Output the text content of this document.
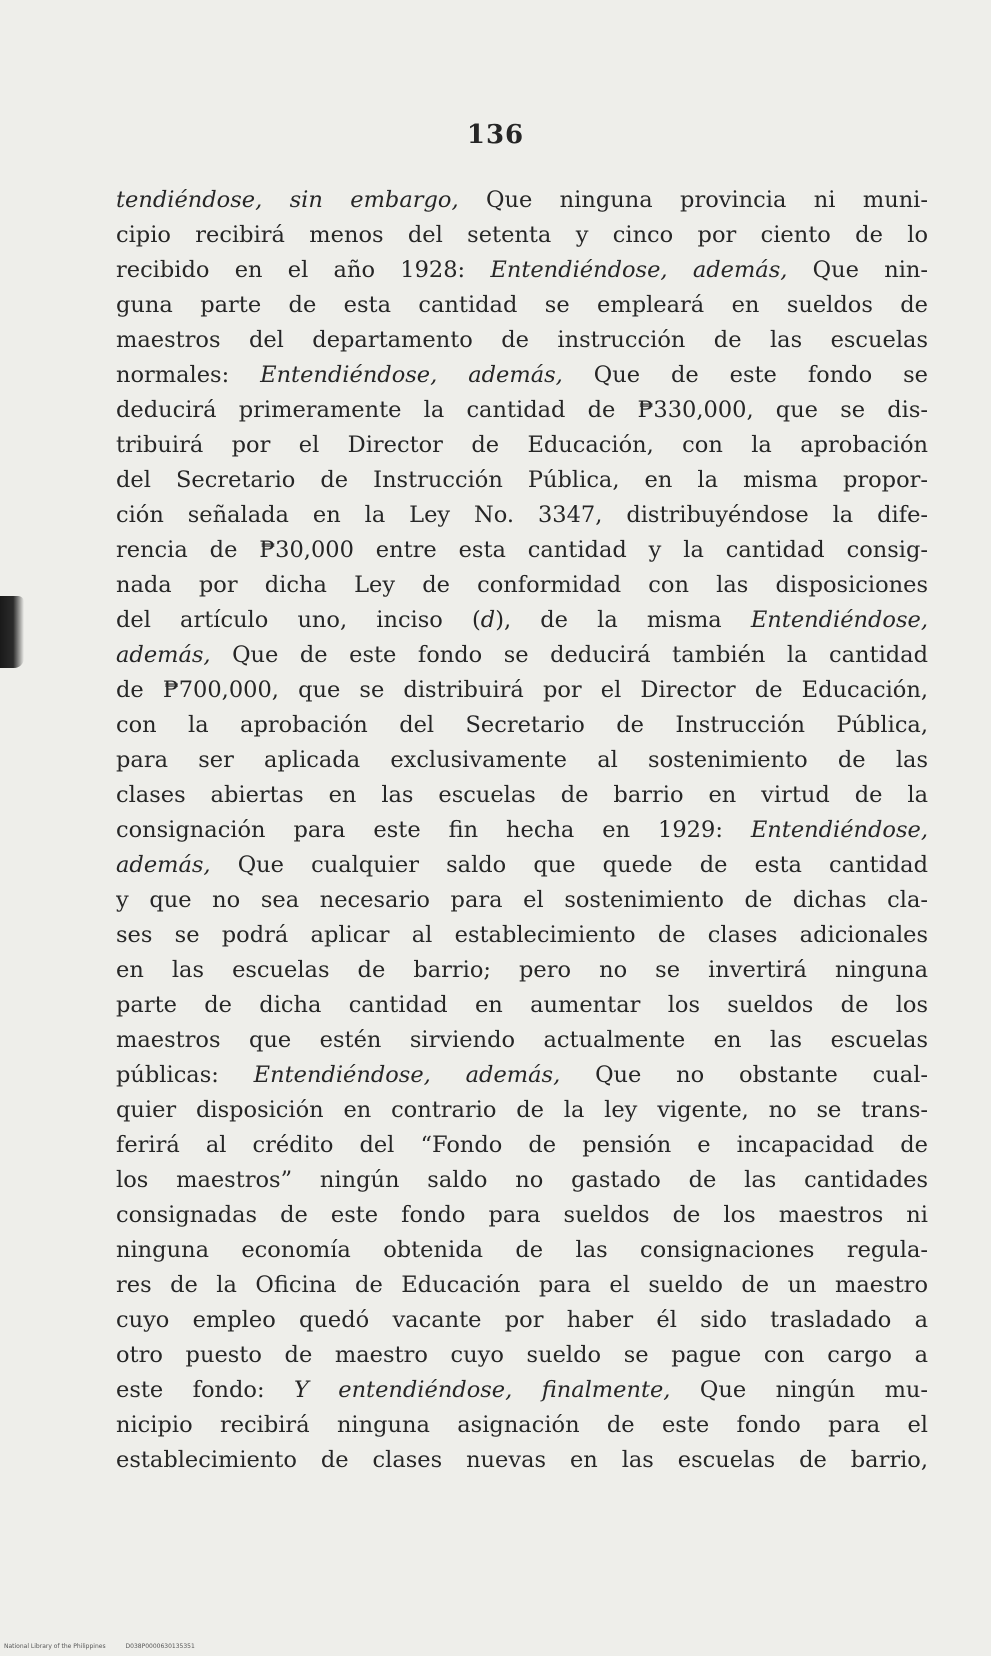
136
tendiéndose, sin embargo, Que ninguna provincia ni muni-
cipio recibirá menos del setenta y cinco por ciento de lo
recibido en el año 1928: Entendiéndose, además, Que nin-
guna parte de esta cantidad se empleará en sueldos de
maestros del departamento de instrucción de las escuelas
normales: Entendiéndose, además, Que de este fondo se
deducirá primeramente la cantidad de ₱330,000, que se dis-
tribuirá por el Director de Educación, con la aprobación
del Secretario de Instrucción Pública, en la misma propor-
ción señalada en la Ley No. 3347, distribuyéndose la dife-
rencia de ₱30,000 entre esta cantidad y la cantidad consig-
nada por dicha Ley de conformidad con las disposiciones
del artículo uno, inciso (d), de la misma Entendiéndose,
además, Que de este fondo se deducirá también la cantidad
de ₱700,000, que se distribuirá por el Director de Educación,
con la aprobación del Secretario de Instrucción Pública,
para ser aplicada exclusivamente al sostenimiento de las
clases abiertas en las escuelas de barrio en virtud de la
consignación para este fin hecha en 1929: Entendiéndose,
además, Que cualquier saldo que quede de esta cantidad
y que no sea necesario para el sostenimiento de dichas cla-
ses se podrá aplicar al establecimiento de clases adicionales
en las escuelas de barrio; pero no se invertirá ninguna
parte de dicha cantidad en aumentar los sueldos de los
maestros que estén sirviendo actualmente en las escuelas
públicas: Entendiéndose, además, Que no obstante cual-
quier disposición en contrario de la ley vigente, no se trans-
ferirá al crédito del “Fondo de pensión e incapacidad de
los maestros” ningún saldo no gastado de las cantidades
consignadas de este fondo para sueldos de los maestros ni
ninguna economía obtenida de las consignaciones regula-
res de la Oficina de Educación para el sueldo de un maestro
cuyo empleo quedó vacante por haber él sido trasladado a
otro puesto de maestro cuyo sueldo se pague con cargo a
este fondo: Y entendiéndose, finalmente, Que ningún mu-
nicipio recibirá ninguna asignación de este fondo para el
establecimiento de clases nuevas en las escuelas de barrio,
National Library of the Philippines	D038P0000630135351
